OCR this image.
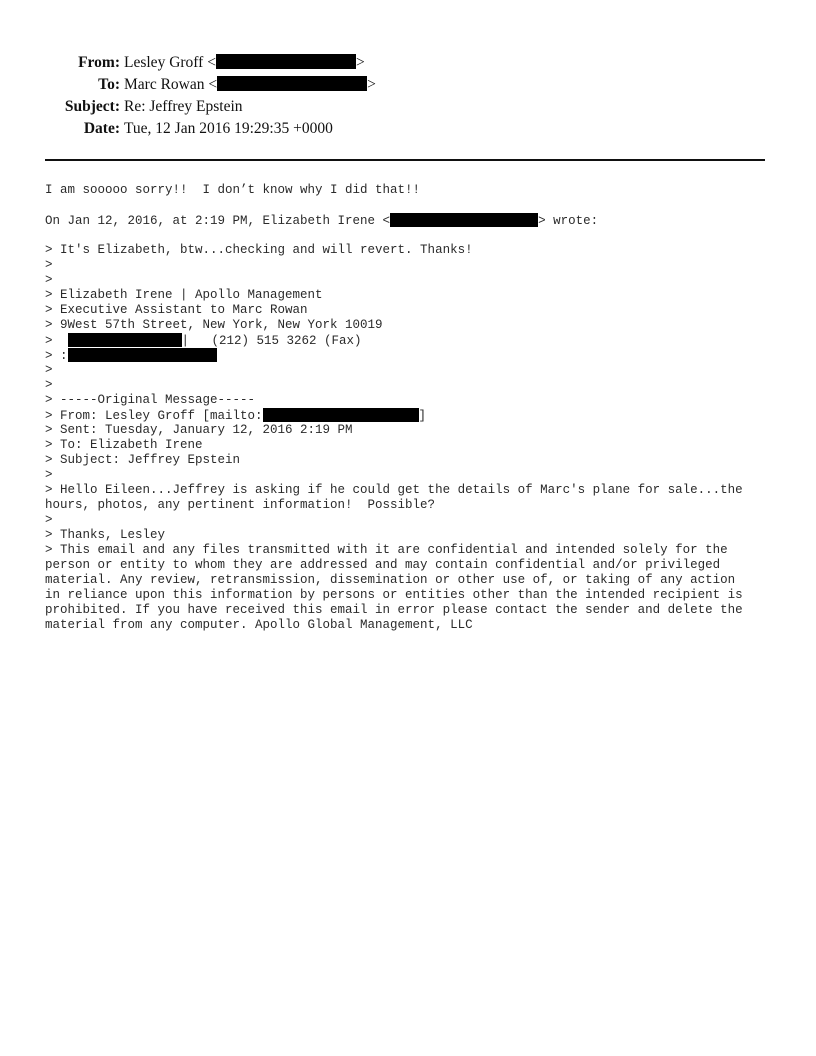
From: Lesley Groff <	>
To: Marc Rowan <	>
Subject: Re: Jeffrey Epstein
Date: Tue, 12 Jan 2016 19:29:35 +0000
I am sooooo sorry!!  I don’t know why I did that!!
On Jan 12, 2016, at 2:19 PM, Elizabeth Irene <	> wrote:
> It's Elizabeth, btw...checking and will revert. Thanks!
>
>
> Elizabeth Irene | Apollo Management
> Executive Assistant to Marc Rowan
> 9West 57th Street, New York, New York 10019
>	|   (212) 515 3262 (Fax)
> :
>
>
> -----Original Message-----
> From: Lesley Groff [mailto:	]
> Sent: Tuesday, January 12, 2016 2:19 PM
> To: Elizabeth Irene
> Subject: Jeffrey Epstein
>
> Hello Eileen...Jeffrey is asking if he could get the details of Marc's plane for sale...the
hours, photos, any pertinent information!  Possible?
>
> Thanks, Lesley
> This email and any files transmitted with it are confidential and intended solely for the
person or entity to whom they are addressed and may contain confidential and/or privileged
material. Any review, retransmission, dissemination or other use of, or taking of any action
in reliance upon this information by persons or entities other than the intended recipient is
prohibited. If you have received this email in error please contact the sender and delete the
material from any computer. Apollo Global Management, LLC
